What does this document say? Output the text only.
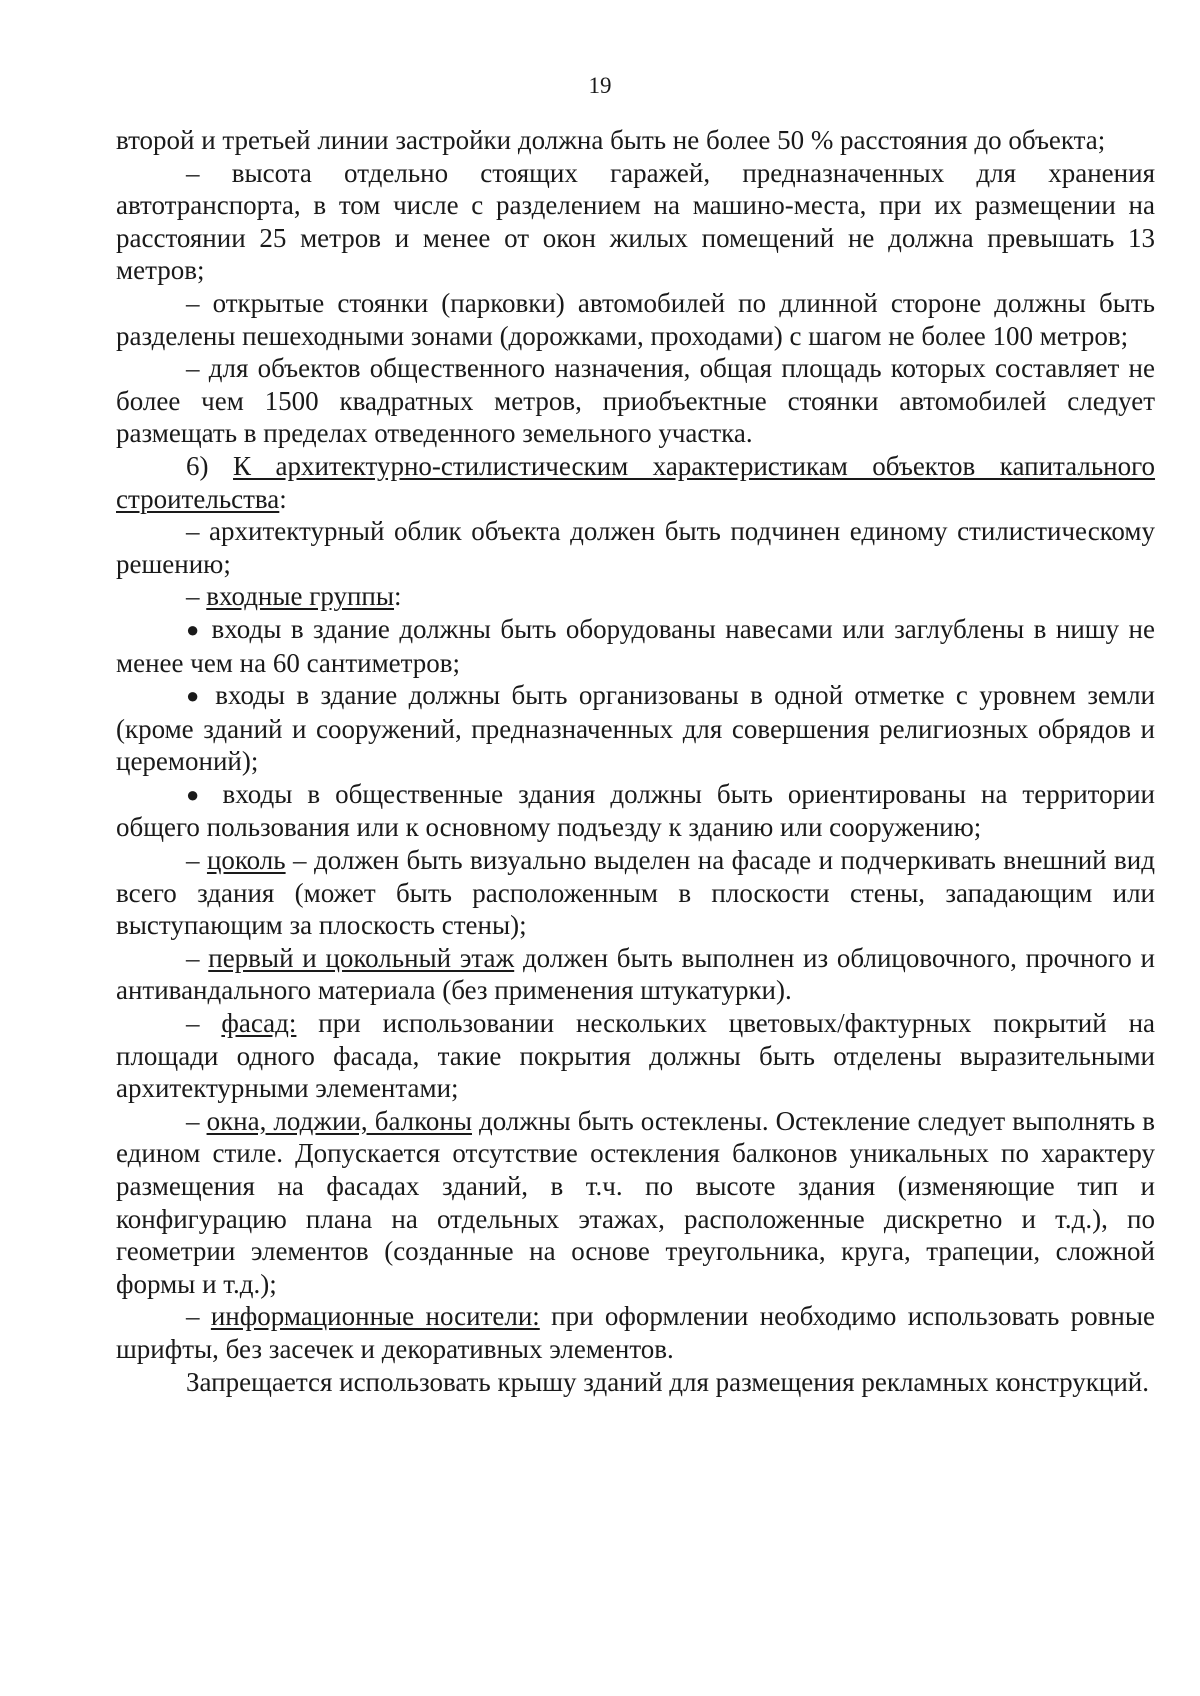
19

второй и третьей линии застройки должна быть не более 50 % расстояния до объекта;

– высота отдельно стоящих гаражей, предназначенных для хранения автотранспорта, в том числе с разделением на машино-места, при их размещении на расстоянии 25 метров и менее от окон жилых помещений не должна превышать 13 метров;

– открытые стоянки (парковки) автомобилей по длинной стороне должны быть разделены пешеходными зонами (дорожками, проходами) с шагом не более 100 метров;

– для объектов общественного назначения, общая площадь которых составляет не более чем 1500 квадратных метров, приобъектные стоянки автомобилей следует размещать в пределах отведенного земельного участка.

6) К архитектурно-стилистическим характеристикам объектов капитального строительства:

– архитектурный облик объекта должен быть подчинен единому стилистическому решению;

– входные группы:

● входы в здание должны быть оборудованы навесами или заглублены в нишу не менее чем на 60 сантиметров;

● входы в здание должны быть организованы в одной отметке с уровнем земли (кроме зданий и сооружений, предназначенных для совершения религиозных обрядов и церемоний);

● входы в общественные здания должны быть ориентированы на территории общего пользования или к основному подъезду к зданию или сооружению;

– цоколь – должен быть визуально выделен на фасаде и подчеркивать внешний вид всего здания (может быть расположенным в плоскости стены, западающим или выступающим за плоскость стены);

– первый и цокольный этаж должен быть выполнен из облицовочного, прочного и антивандального материала (без применения штукатурки).

– фасад: при использовании нескольких цветовых/фактурных покрытий на площади одного фасада, такие покрытия должны быть отделены выразительными архитектурными элементами;

– окна, лоджии, балконы должны быть остеклены. Остекление следует выполнять в едином стиле. Допускается отсутствие остекления балконов уникальных по характеру размещения на фасадах зданий, в т.ч. по высоте здания (изменяющие тип и конфигурацию плана на отдельных этажах, расположенные дискретно и т.д.), по геометрии элементов (созданные на основе треугольника, круга, трапеции, сложной формы и т.д.);

– информационные носители: при оформлении необходимо использовать ровные шрифты, без засечек и декоративных элементов.

Запрещается использовать крышу зданий для размещения рекламных конструкций.
